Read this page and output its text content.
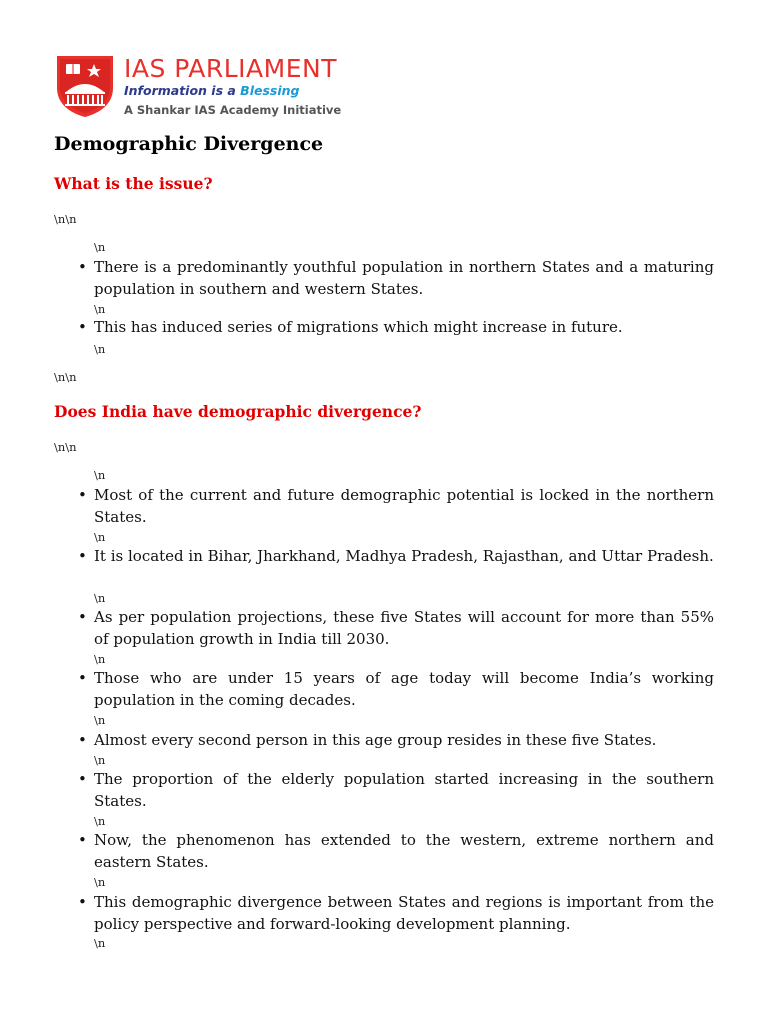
IAS PARLIAMENT
Information is a Blessing
A Shankar IAS Academy Initiative
Demographic Divergence
What is the issue?
\n\n
\n
• There is a predominantly youthful population in northern States and a maturing population in southern and western States.
\n
• This has induced series of migrations which might increase in future.
\n
\n\n
Does India have demographic divergence?
\n\n
\n
• Most of the current and future demographic potential is locked in the northern States.
\n
• It is located in Bihar, Jharkhand, Madhya Pradesh, Rajasthan, and Uttar Pradesh.
\n
• As per population projections, these five States will account for more than 55% of population growth in India till 2030.
\n
• Those who are under 15 years of age today will become India’s working population in the coming decades.
\n
• Almost every second person in this age group resides in these five States.
\n
• The proportion of the elderly population started increasing in the southern States.
\n
• Now, the phenomenon has extended to the western, extreme northern and eastern States.
\n
• This demographic divergence between States and regions is important from the policy perspective and forward-looking development planning.
\n
